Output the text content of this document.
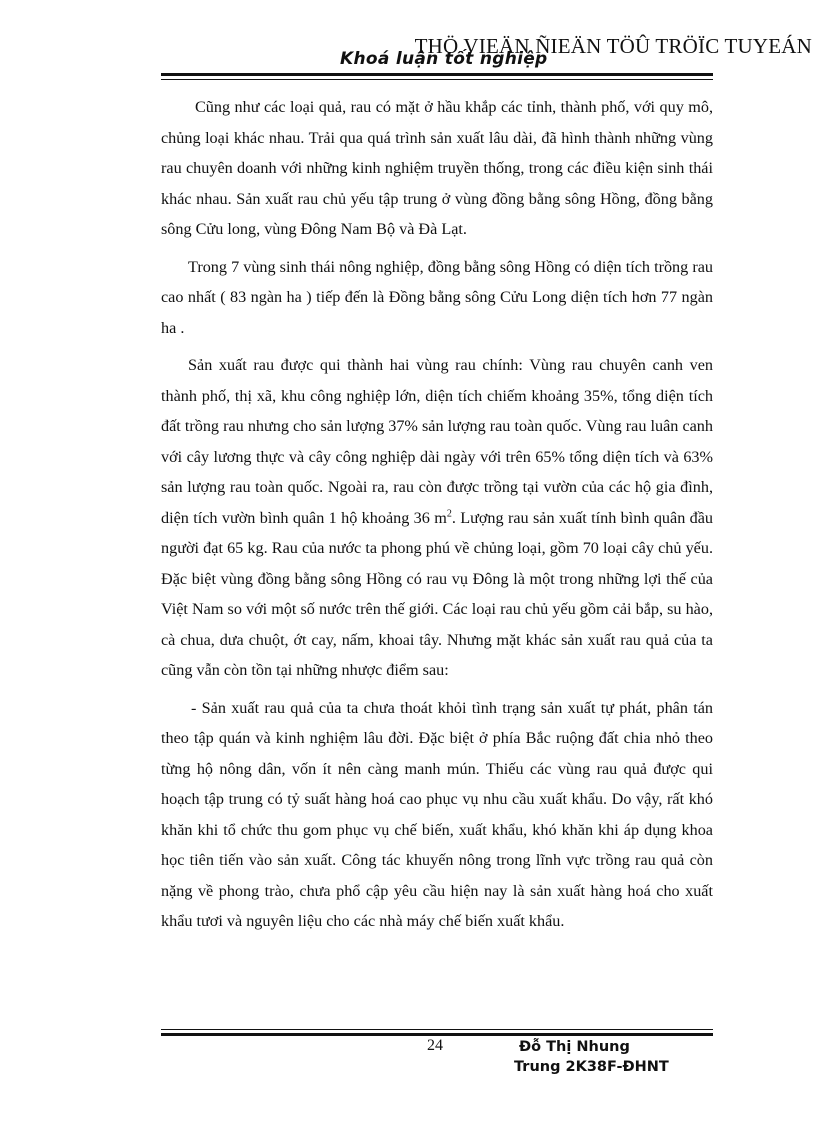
THÖ VIEÄN ÑIEÄN TÖÛ TRÖÏC TUYEÁN
Khoá luận tốt nghiệp

Cũng như các loại quả, rau có mặt ở hầu khắp các tỉnh, thành phố, với quy mô, chủng loại khác nhau. Trải qua quá trình sản xuất lâu dài, đã hình thành những vùng rau chuyên doanh với những kinh nghiệm truyền thống, trong các điều kiện sinh thái khác nhau. Sản xuất rau chủ yếu tập trung ở vùng đồng bằng sông Hồng, đồng bằng sông Cửu long, vùng Đông Nam Bộ và Đà Lạt.

Trong 7 vùng sinh thái nông nghiệp, đồng bằng sông Hồng có diện tích trồng rau cao nhất ( 83 ngàn ha ) tiếp đến là Đồng bằng sông Cửu Long diện tích hơn 77 ngàn ha .

Sản xuất rau được qui thành hai vùng rau chính: Vùng rau chuyên canh ven thành phố, thị xã, khu công nghiệp lớn, diện tích chiếm khoảng 35%, tổng diện tích đất trồng rau nhưng cho sản lượng 37% sản lượng rau toàn quốc. Vùng rau luân canh với cây lương thực và cây công nghiệp dài ngày với trên 65% tổng diện tích và 63% sản lượng rau toàn quốc. Ngoài ra, rau còn được trồng tại vườn của các hộ gia đình, diện tích vườn bình quân 1 hộ khoảng 36 $m^2$. Lượng rau sản xuất tính bình quân đầu người đạt 65 kg. Rau của nước ta phong phú về chủng loại, gồm 70 loại cây chủ yếu. Đặc biệt vùng đồng bằng sông Hồng có rau vụ Đông là một trong những lợi thế của Việt Nam so với một số nước trên thế giới. Các loại rau chủ yếu gồm cải bắp, su hào, cà chua, dưa chuột, ớt cay, nấm, khoai tây. Nhưng mặt khác sản xuất rau quả của ta cũng vẫn còn tồn tại những nhược điểm sau:

- Sản xuất rau quả của ta chưa thoát khỏi tình trạng sản xuất tự phát, phân tán theo tập quán và kinh nghiệm lâu đời. Đặc biệt ở phía Bắc ruộng đất chia nhỏ theo từng hộ nông dân, vốn ít nên càng manh mún. Thiếu các vùng rau quả được qui hoạch tập trung có tỷ suất hàng hoá cao phục vụ nhu cầu xuất khẩu. Do vậy, rất khó khăn khi tổ chức thu gom phục vụ chế biến, xuất khẩu, khó khăn khi áp dụng khoa học tiên tiến vào sản xuất. Công tác khuyến nông trong lĩnh vực trồng rau quả còn nặng về phong trào, chưa phổ cập yêu cầu hiện nay là sản xuất hàng hoá cho xuất khẩu tươi và nguyên liệu cho các nhà máy chế biến xuất khẩu.

24	Đỗ Thị Nhung
Trung 2K38F-ĐHNT
